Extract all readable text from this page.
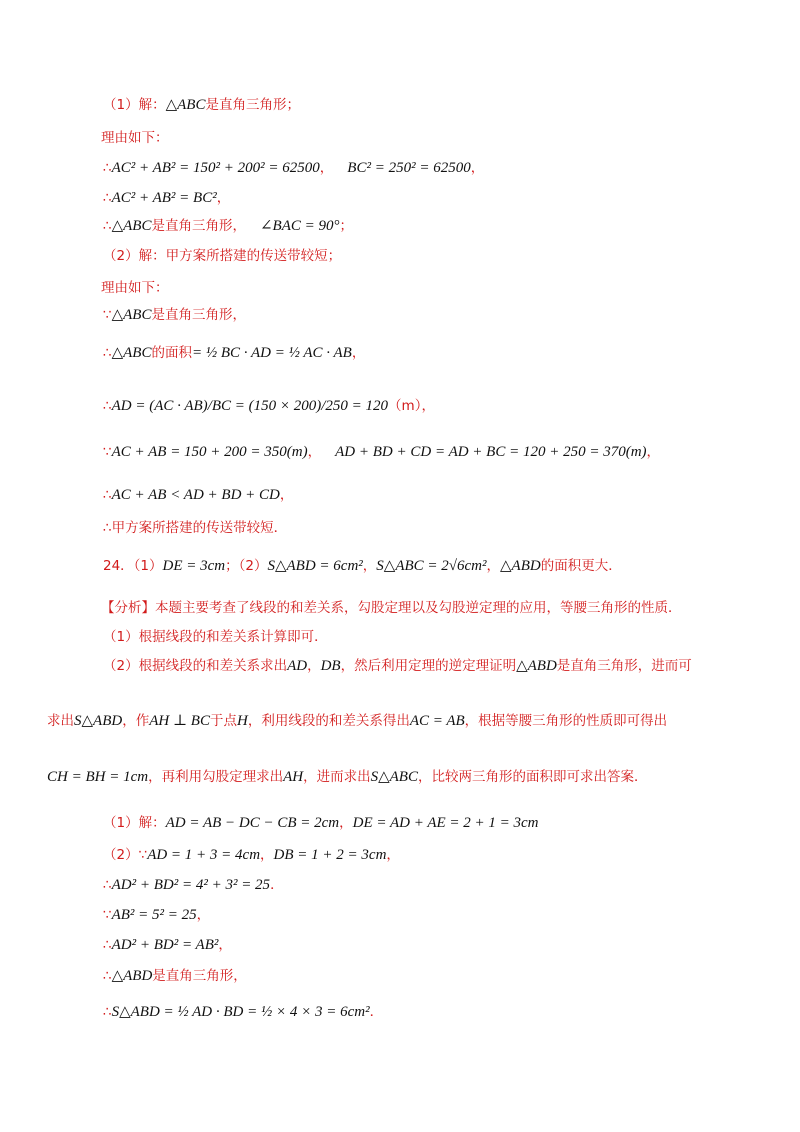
（1）解：△ABC是直角三角形；
理由如下：
∴AC² + AB² = 150² + 200² = 62500， BC² = 250² = 62500，
∴AC² + AB² = BC²，
∴△ABC是直角三角形， ∠BAC = 90°；
（2）解：甲方案所搭建的传送带较短；
理由如下：
∵△ABC是直角三角形，
∴△ABC的面积= ½ BC · AD = ½ AC · AB，
∴AD = (AC · AB)/BC = (150 × 200)/250 = 120（m），
∵AC + AB = 150 + 200 = 350(m)， AD + BD + CD = AD + BC = 120 + 250 = 370(m)，
∴AC + AB < AD + BD + CD，
∴甲方案所搭建的传送带较短．
24．（1）DE = 3cm；（2）S△ABD = 6cm²，S△ABC = 2√6cm²，△ABD的面积更大．
【分析】本题主要考查了线段的和差关系，勾股定理以及勾股逆定理的应用，等腰三角形的性质．
（1）根据线段的和差关系计算即可．
（2）根据线段的和差关系求出AD，DB，然后利用定理的逆定理证明△ABD是直角三角形，进而可
求出S△ABD，作AH ⊥ BC于点H，利用线段的和差关系得出AC = AB，根据等腰三角形的性质即可得出
CH = BH = 1cm，再利用勾股定理求出AH，进而求出S△ABC，比较两三角形的面积即可求出答案．
（1）解：AD = AB − DC − CB = 2cm，DE = AD + AE = 2 + 1 = 3cm
（2）∵AD = 1 + 3 = 4cm，DB = 1 + 2 = 3cm，
∴AD² + BD² = 4² + 3² = 25．
∵AB² = 5² = 25，
∴AD² + BD² = AB²，
∴△ABD是直角三角形，
∴S△ABD = ½ AD · BD = ½ × 4 × 3 = 6cm²．
